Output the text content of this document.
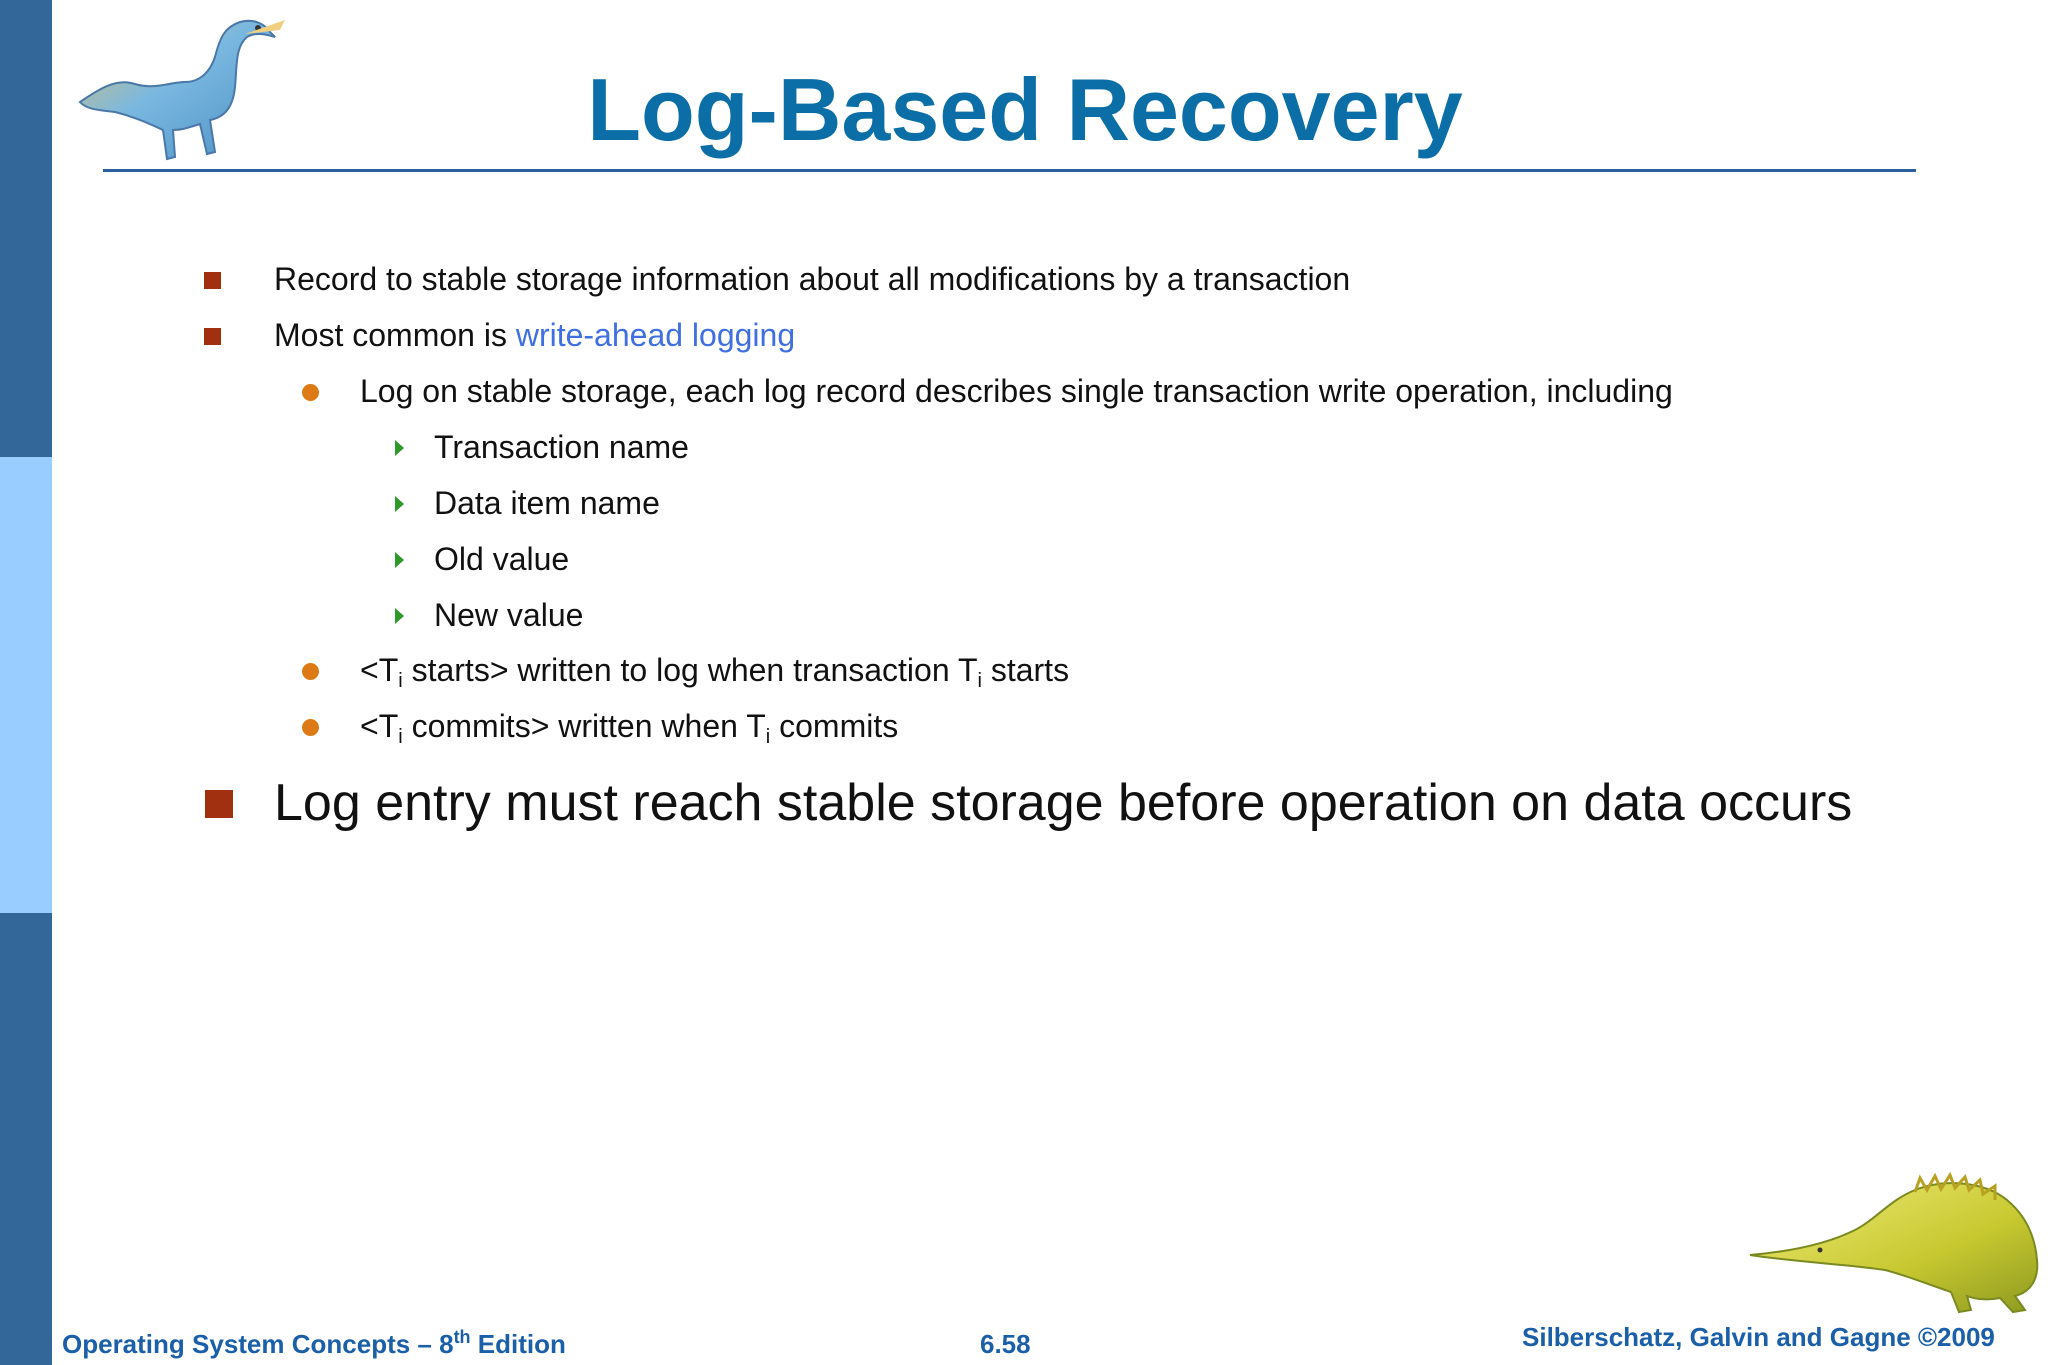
Log-Based Recovery
Record to stable storage information about all modifications by a transaction
Most common is write-ahead logging
Log on stable storage, each log record describes single transaction write operation, including
Transaction name
Data item name
Old value
New value
$<T_i$ starts> written to log when transaction $T_i$ starts
$<T_i$ commits> written when $T_i$ commits
Log entry must reach stable storage before operation on data occurs
Operating System Concepts – 8th Edition	6.58	Silberschatz, Galvin and Gagne ©2009
